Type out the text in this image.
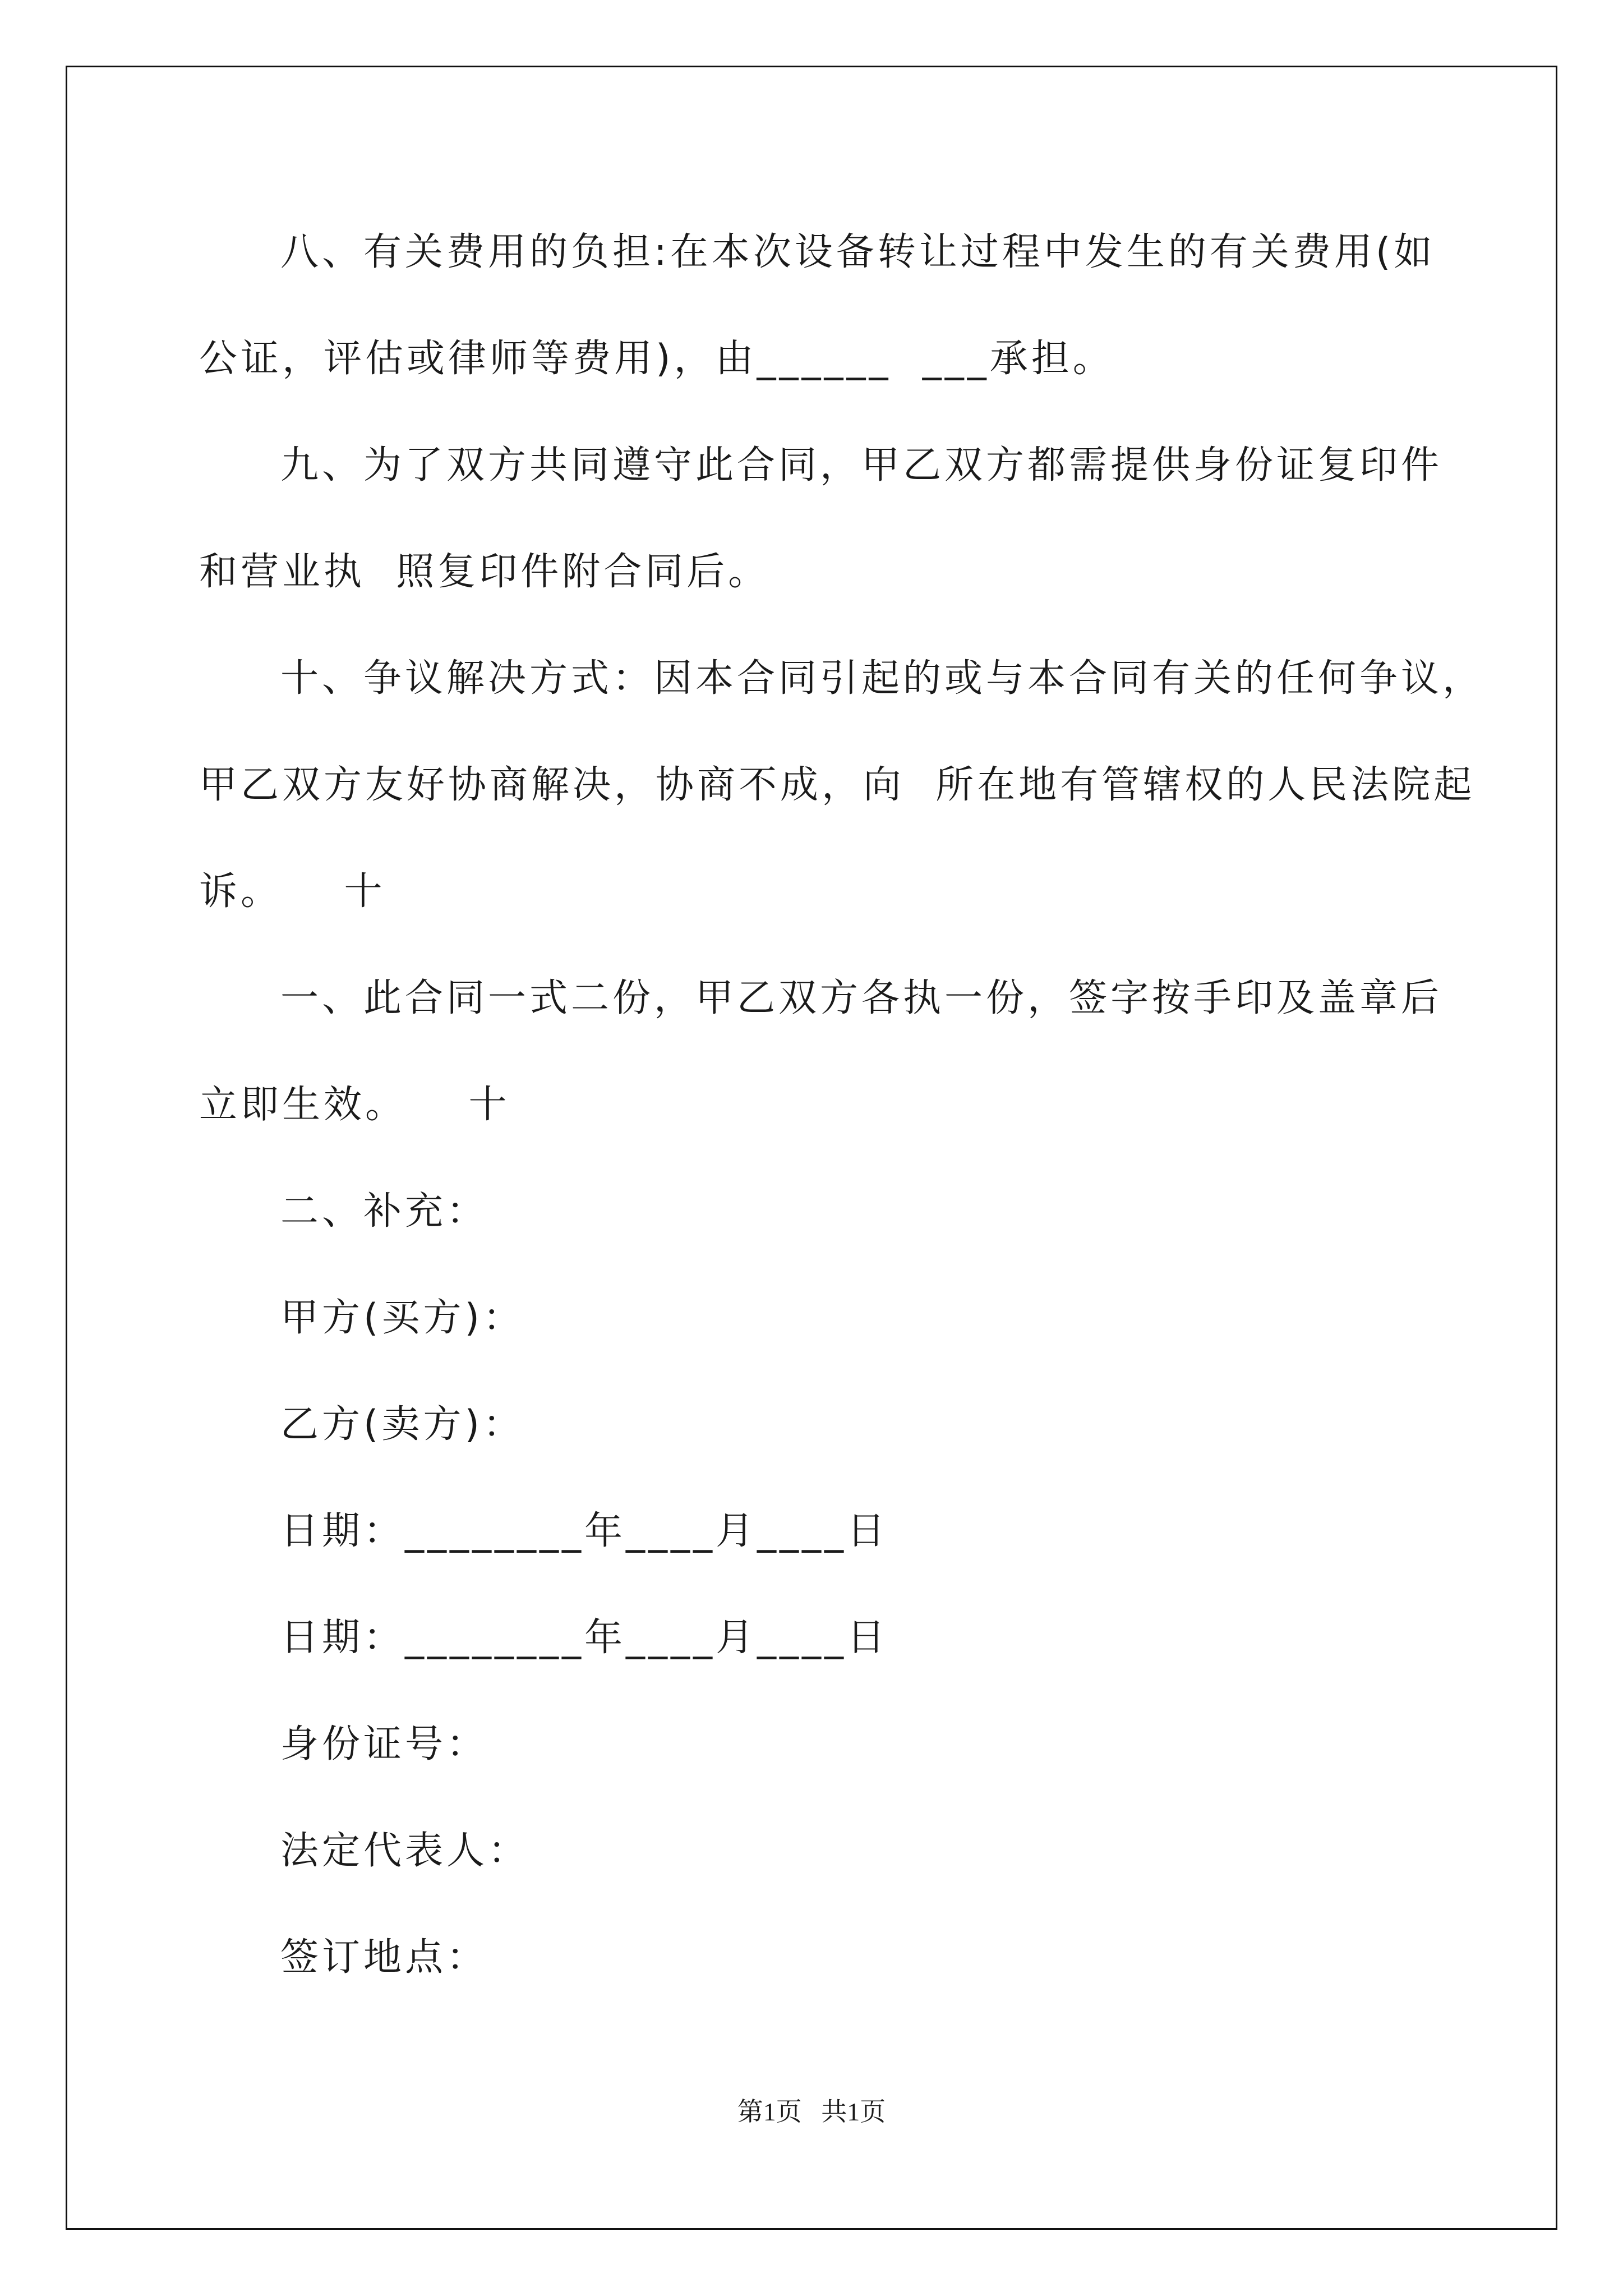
八、有关费用的负担:在本次设备转让过程中发生的有关费用(如
公证，评估或律师等费用)，由______  ___承担。
九、为了双方共同遵守此合同，甲乙双方都需提供身份证复印件
和营业执  照复印件附合同后。
十、争议解决方式：因本合同引起的或与本合同有关的任何争议，
甲乙双方友好协商解决，协商不成，向  所在地有管辖权的人民法院起
诉。    十
一、此合同一式二份，甲乙双方各执一份，签字按手印及盖章后
立即生效。    十
二、补充：
甲方(买方)：
乙方(卖方)：
日期：________年____月____日
日期：________年____月____日
身份证号：
法定代表人：
签订地点：
第1页   共1页
